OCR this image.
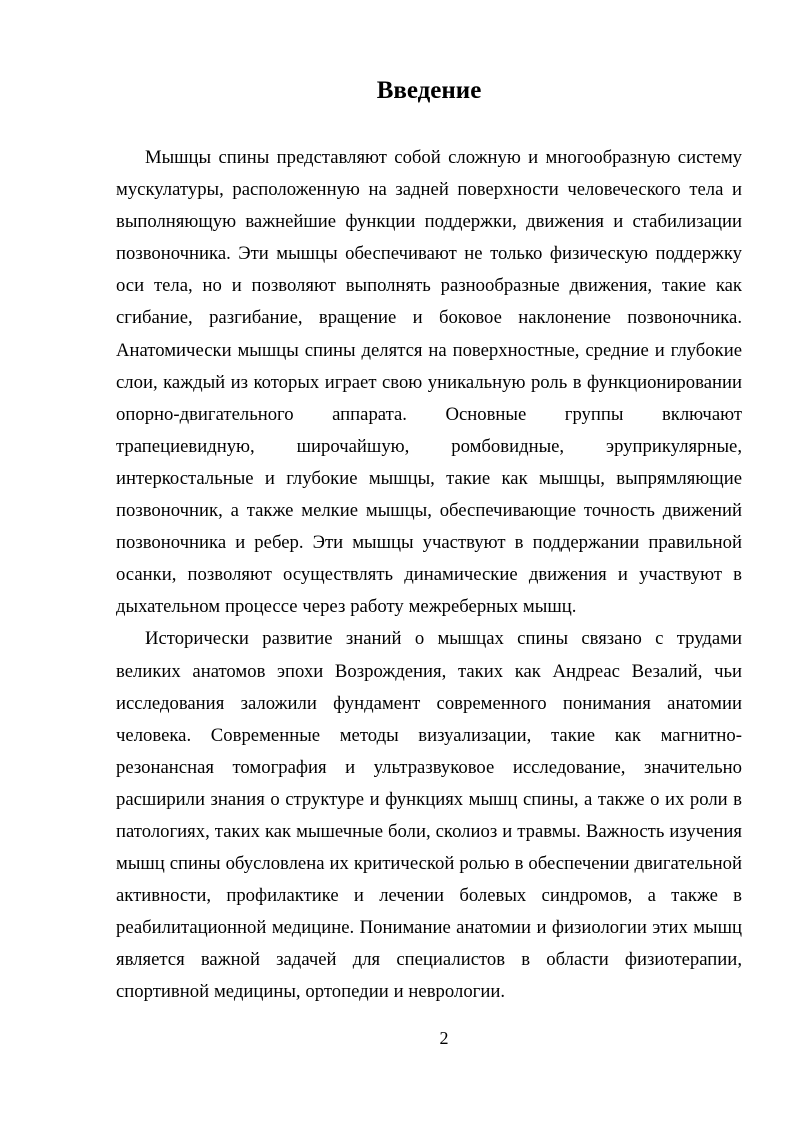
Введение

Мышцы спины представляют собой сложную и многообразную систему мускулатуры, расположенную на задней поверхности человеческого тела и выполняющую важнейшие функции поддержки, движения и стабилизации позвоночника. Эти мышцы обеспечивают не только физическую поддержку оси тела, но и позволяют выполнять разнообразные движения, такие как сгибание, разгибание, вращение и боковое наклонение позвоночника. Анатомически мышцы спины делятся на поверхностные, средние и глубокие слои, каждый из которых играет свою уникальную роль в функционировании опорно-двигательного аппарата. Основные группы включают трапециевидную, широчайшую, ромбовидные, эруприкулярные, интеркостальные и глубокие мышцы, такие как мышцы, выпрямляющие позвоночник, а также мелкие мышцы, обеспечивающие точность движений позвоночника и ребер. Эти мышцы участвуют в поддержании правильной осанки, позволяют осуществлять динамические движения и участвуют в дыхательном процессе через работу межреберных мышц.

Исторически развитие знаний о мышцах спины связано с трудами великих анатомов эпохи Возрождения, таких как Андреас Везалий, чьи исследования заложили фундамент современного понимания анатомии человека. Современные методы визуализации, такие как магнитно-резонансная томография и ультразвуковое исследование, значительно расширили знания о структуре и функциях мышц спины, а также о их роли в патологиях, таких как мышечные боли, сколиоз и травмы. Важность изучения мышц спины обусловлена их критической ролью в обеспечении двигательной активности, профилактике и лечении болевых синдромов, а также в реабилитационной медицине. Понимание анатомии и физиологии этих мышц является важной задачей для специалистов в области физиотерапии, спортивной медицины, ортопедии и неврологии.

2
